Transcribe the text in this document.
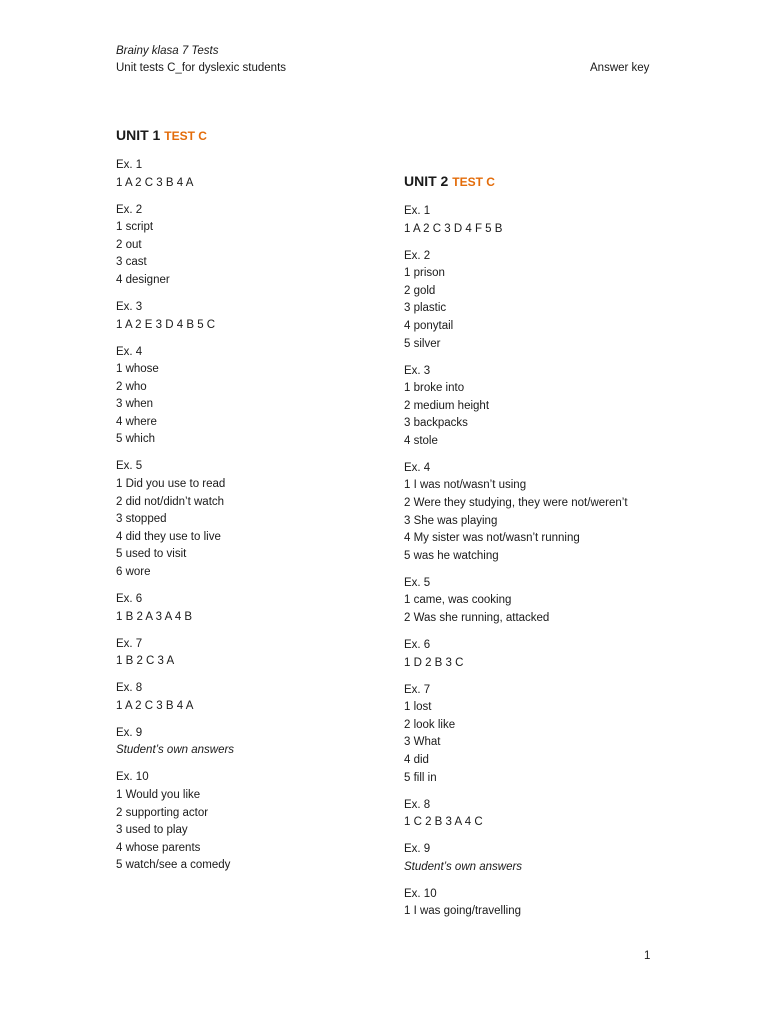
Brainy klasa 7 Tests
Unit tests C_for dyslexic students	Answer key
UNIT 1 TEST C
Ex. 1
1 A 2 C 3 B 4 A
Ex. 2
1 script
2 out
3 cast
4 designer
Ex. 3
1 A 2 E 3 D 4 B 5 C
Ex. 4
1 whose
2 who
3 when
4 where
5 which
Ex. 5
1 Did you use to read
2 did not/didn’t watch
3 stopped
4 did they use to live
5 used to visit
6 wore
Ex. 6
1 B 2 A 3 A 4 B
Ex. 7
1 B 2 C 3 A
Ex. 8
1 A 2 C 3 B 4 A
Ex. 9
Student’s own answers
Ex. 10
1 Would you like
2 supporting actor
3 used to play
4 whose parents
5 watch/see a comedy
UNIT 2 TEST C
Ex. 1
1 A 2 C 3 D 4 F 5 B
Ex. 2
1 prison
2 gold
3 plastic
4 ponytail
5 silver
Ex. 3
1 broke into
2 medium height
3 backpacks
4 stole
Ex. 4
1 I was not/wasn’t using
2 Were they studying, they were not/weren’t
3 She was playing
4 My sister was not/wasn’t running
5 was he watching
Ex. 5
1 came, was cooking
2 Was she running, attacked
Ex. 6
1 D 2 B 3 C
Ex. 7
1 lost
2 look like
3 What
4 did
5 fill in
Ex. 8
1 C 2 B 3 A 4 C
Ex. 9
Student’s own answers
Ex. 10
1 I was going/travelling
1
